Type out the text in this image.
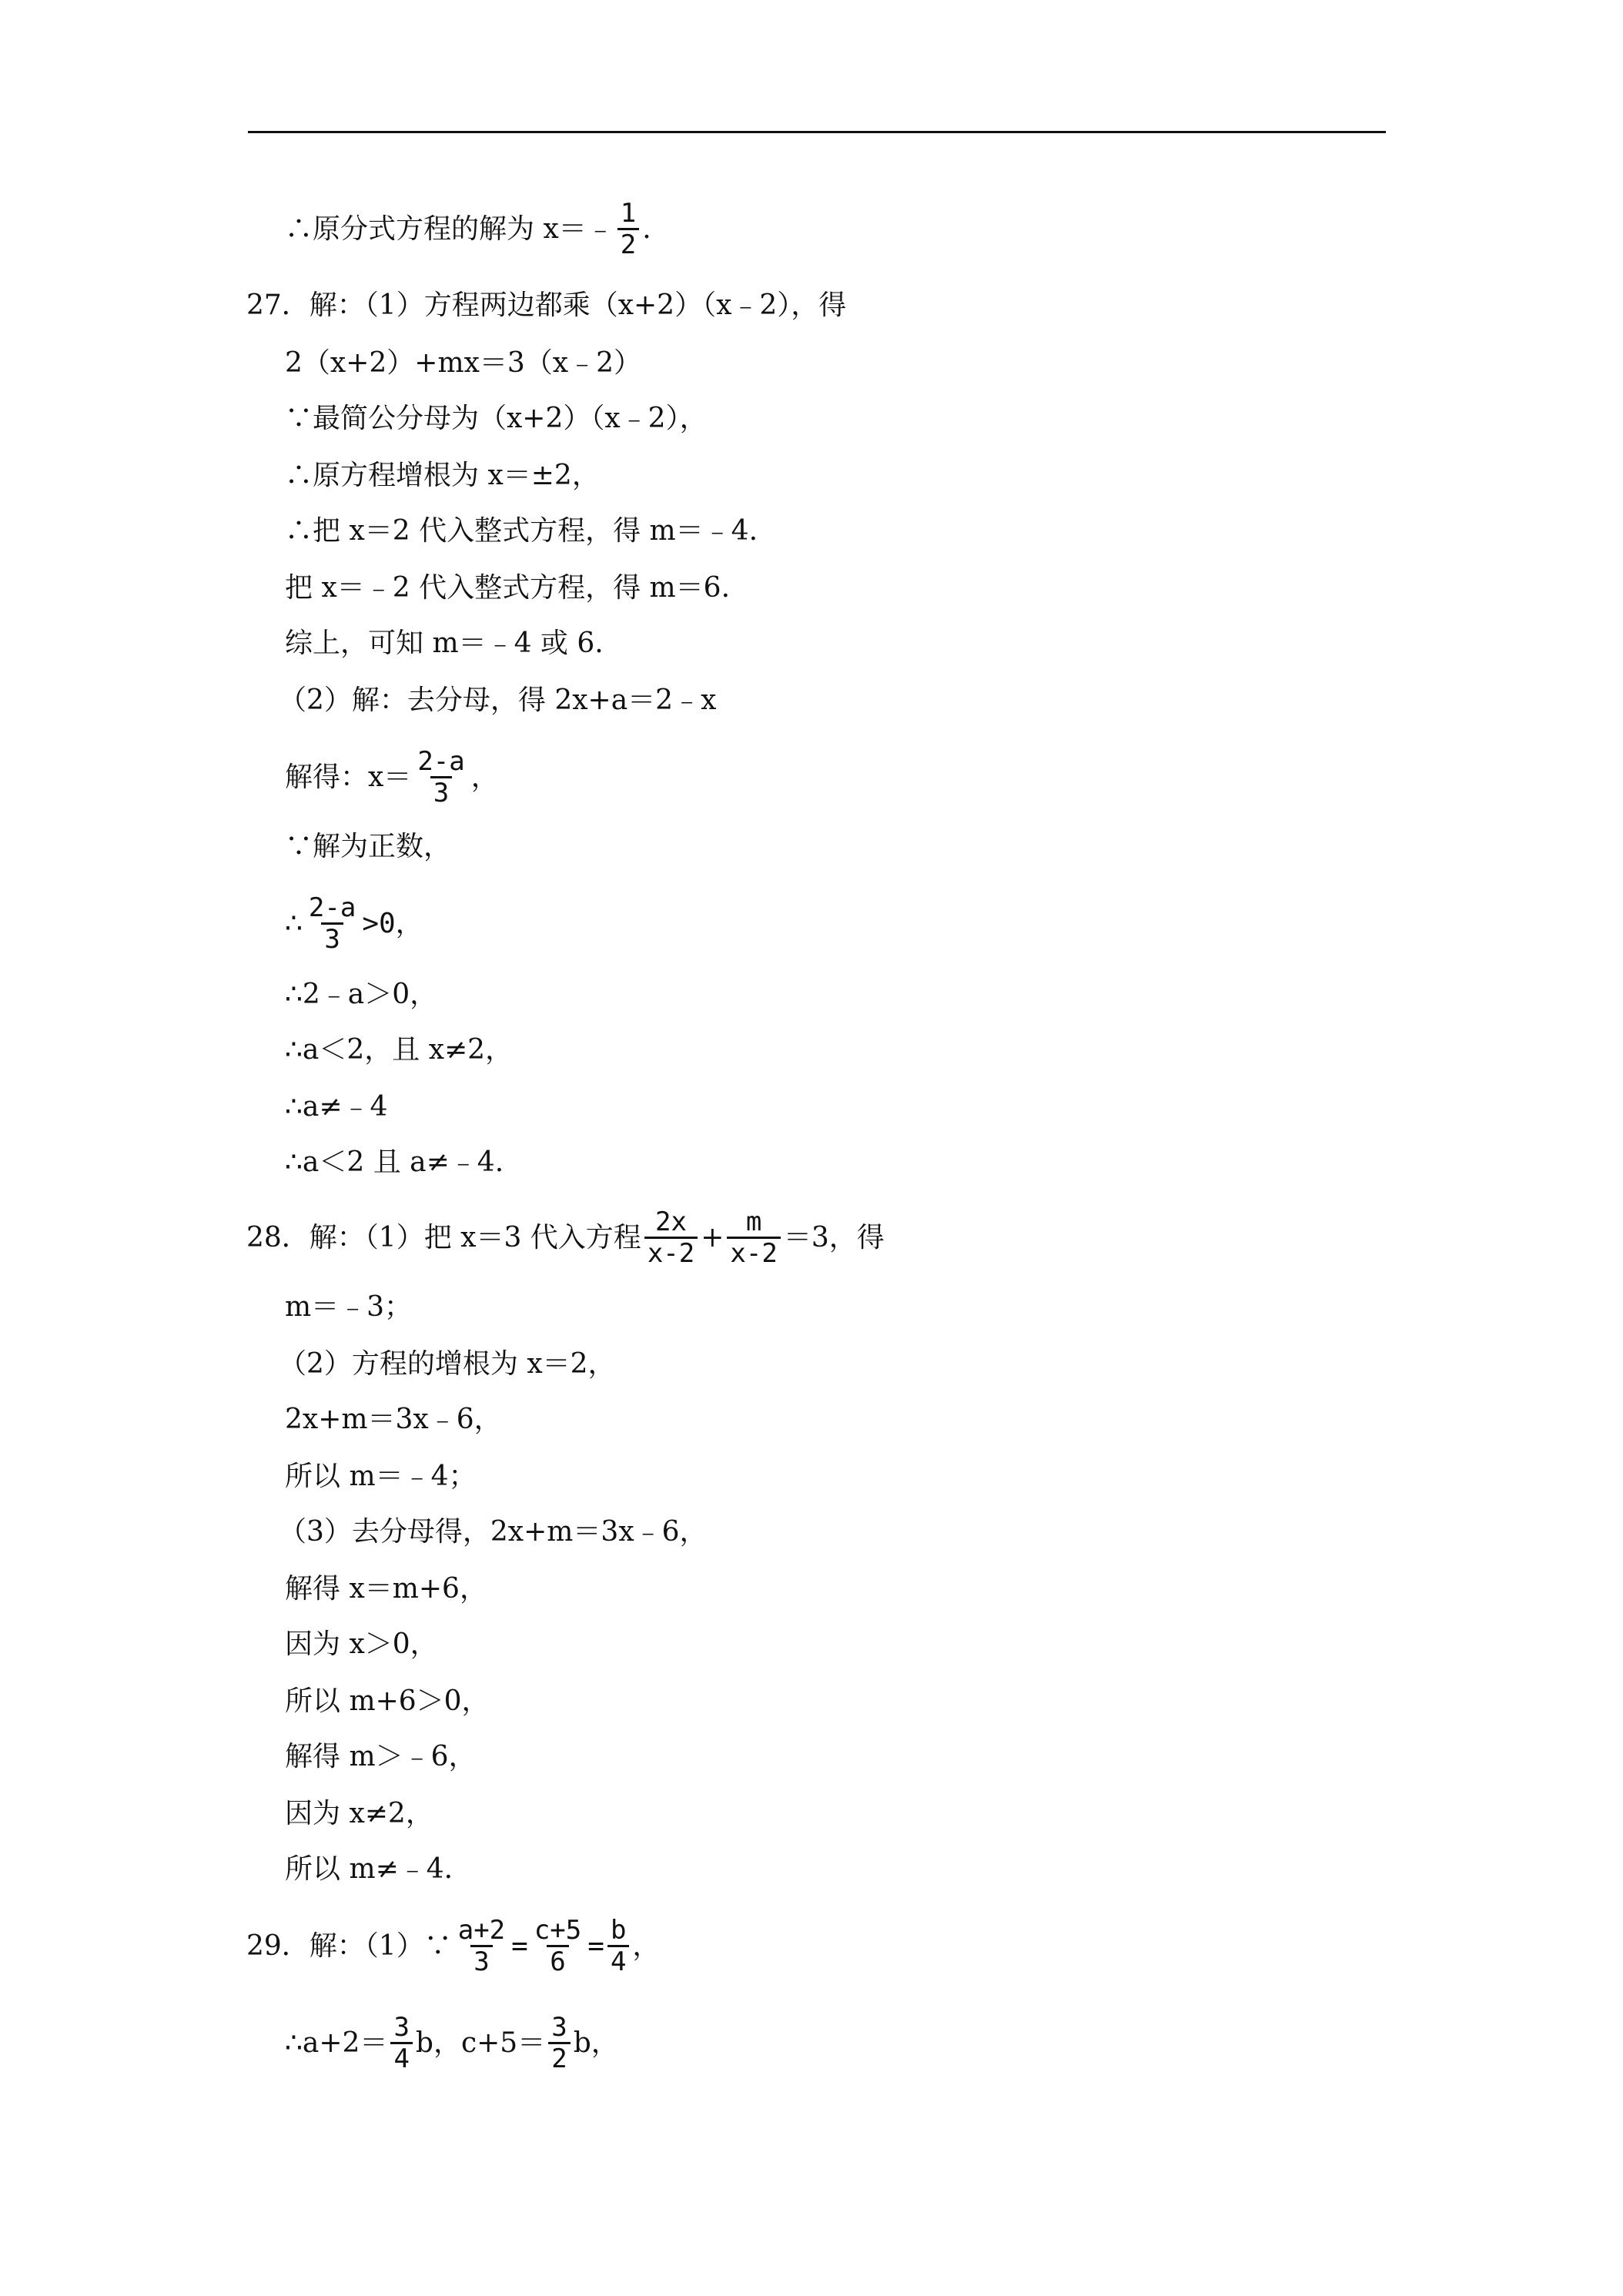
∴原分式方程的解为 x＝﹣ $\frac{1}{2}$ .
27．解：（1）方程两边都乘（x+2）（x﹣2），得
2（x+2）+mx＝3（x﹣2）
∵最简公分母为（x+2）（x﹣2），
∴原方程增根为 x＝±2，
∴把 x＝2 代入整式方程，得 m＝﹣4.
把 x＝﹣2 代入整式方程，得 m＝6.
综上，可知 m＝﹣4 或 6.
（2）解：去分母，得 2x+a＝2﹣x
解得：$x= \frac{2-a}{3}$ ，
∵解为正数，
∴ $\frac{2-a}{3} >0$，
∴2﹣a＞0，
∴a＜2，且 x≠2，
∴a≠﹣4
∴a＜2 且 a≠﹣4.
28．解：（1）把 x＝3 代入方程 $\frac{2x}{x-2} + \frac{m}{x-2} =3$，得
m＝﹣3；
（2）方程的增根为 x＝2，
2x+m＝3x﹣6，
所以 m＝﹣4；
（3）去分母得，2x+m＝3x﹣6，
解得 x＝m+6，
因为 x＞0，
所以 m+6＞0，
解得 m＞﹣6，
因为 x≠2，
所以 m≠﹣4.
29．解：（1）∵ $\frac{a+2}{3} = \frac{c+5}{6} = \frac{b}{4}$ ，
∴a+2＝ $\frac{3}{4}$ b，$c+5= \frac{3}{2}$ b，
